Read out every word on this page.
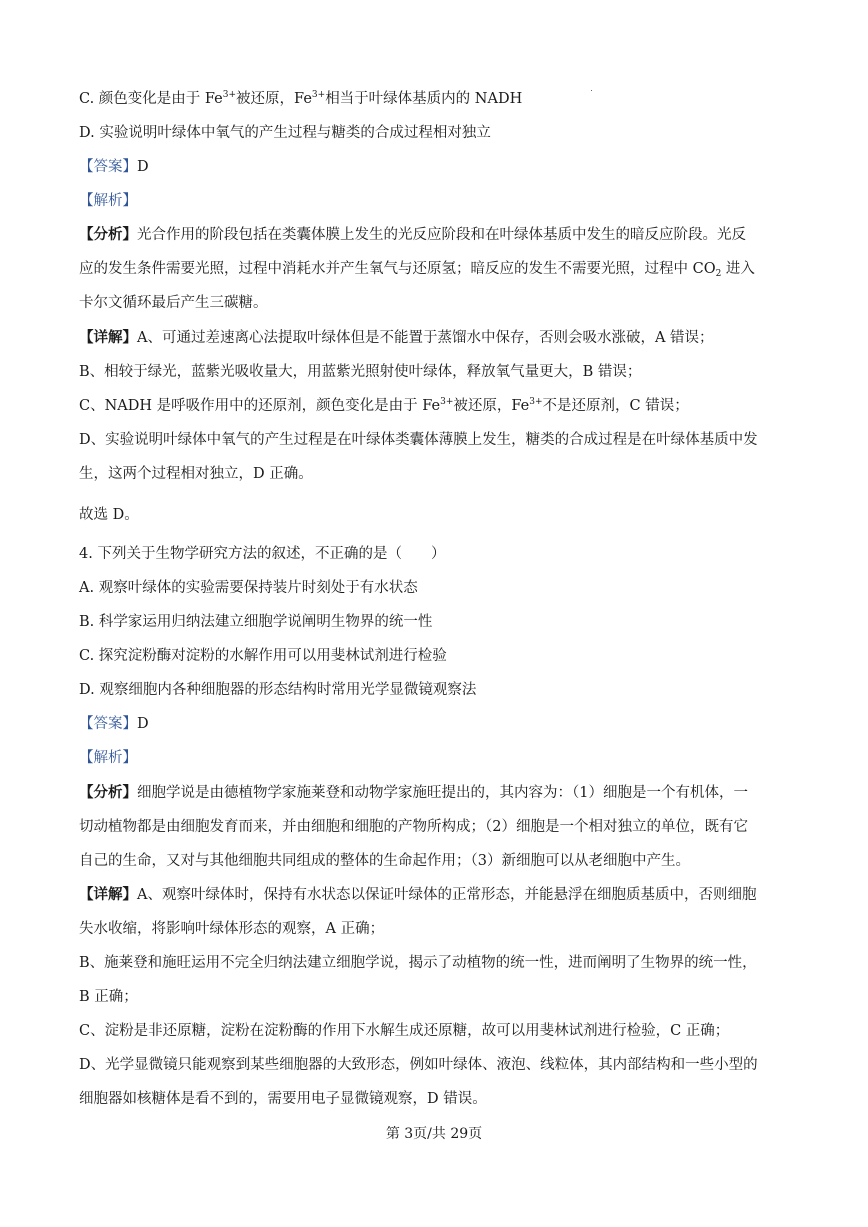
C. 颜色变化是由于 $Fe^{3+}$被还原，$Fe^{3+}$相当于叶绿体基质内的 NADH
D. 实验说明叶绿体中氧气的产生过程与糖类的合成过程相对独立
【答案】D
【解析】
【分析】光合作用的阶段包括在类囊体膜上发生的光反应阶段和在叶绿体基质中发生的暗反应阶段。光反
应的发生条件需要光照，过程中消耗水并产生氧气与还原氢；暗反应的发生不需要光照，过程中 $CO_2$ 进入
卡尔文循环最后产生三碳糖。
【详解】A、可通过差速离心法提取叶绿体但是不能置于蒸馏水中保存，否则会吸水涨破，A 错误；
B、相较于绿光，蓝紫光吸收量大，用蓝紫光照射使叶绿体，释放氧气量更大，B 错误；
C、NADH 是呼吸作用中的还原剂，颜色变化是由于 $Fe^{3+}$被还原，$Fe^{3+}$不是还原剂，C 错误；
D、实验说明叶绿体中氧气的产生过程是在叶绿体类囊体薄膜上发生，糖类的合成过程是在叶绿体基质中发
生，这两个过程相对独立，D 正确。
故选 D。
4. 下列关于生物学研究方法的叙述，不正确的是（　　）
A. 观察叶绿体的实验需要保持装片时刻处于有水状态
B. 科学家运用归纳法建立细胞学说阐明生物界的统一性
C. 探究淀粉酶对淀粉的水解作用可以用斐林试剂进行检验
D. 观察细胞内各种细胞器的形态结构时常用光学显微镜观察法
【答案】D
【解析】
【分析】细胞学说是由德植物学家施莱登和动物学家施旺提出的，其内容为：（1）细胞是一个有机体，一
切动植物都是由细胞发育而来，并由细胞和细胞的产物所构成；（2）细胞是一个相对独立的单位，既有它
自己的生命，又对与其他细胞共同组成的整体的生命起作用；（3）新细胞可以从老细胞中产生。
【详解】A、观察叶绿体时，保持有水状态以保证叶绿体的正常形态，并能悬浮在细胞质基质中，否则细胞
失水收缩，将影响叶绿体形态的观察，A 正确；
B、施莱登和施旺运用不完全归纳法建立细胞学说，揭示了动植物的统一性，进而阐明了生物界的统一性，
B 正确；
C、淀粉是非还原糖，淀粉在淀粉酶的作用下水解生成还原糖，故可以用斐林试剂进行检验，C 正确；
D、光学显微镜只能观察到某些细胞器的大致形态，例如叶绿体、液泡、线粒体，其内部结构和一些小型的
细胞器如核糖体是看不到的，需要用电子显微镜观察，D 错误。
第 3页/共 29页
